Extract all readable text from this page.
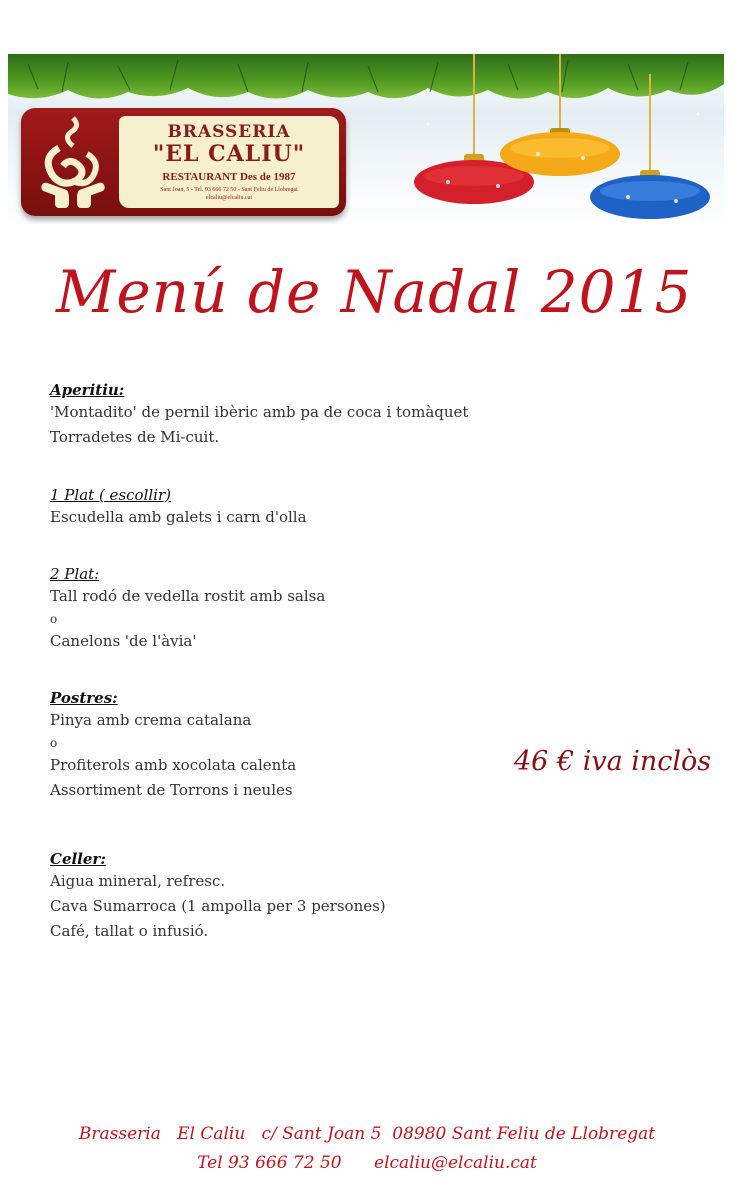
BRASSERIA
"EL CALIU"
RESTAURANT Des de 1987
Sant Joan, 5 - Tel. 93 666 72 50 - Sant Feliu de Llobregat
elcaliu@elcaliu.cat
Menú de Nadal 2015
Aperitiu:
'Montadito' de pernil ibèric amb pa de coca i tomàquet
Torradetes de Mi-cuit.
1 Plat ( escollir)
Escudella amb galets i carn d'olla
2 Plat:
Tall rodó de vedella rostit amb salsa
o
Canelons 'de l'àvia'
Postres:
Pinya amb crema catalana
o
Profiterols amb xocolata calenta
Assortiment de Torrons i neules
Celler:
Aigua mineral, refresc.
Cava Sumarroca (1 ampolla per 3 persones)
Café, tallat o infusió.
46 € iva inclòs
Brasseria   El Caliu   c/ Sant Joan 5  08980 Sant Feliu de Llobregat
Tel 93 666 72 50      elcaliu@elcaliu.cat
